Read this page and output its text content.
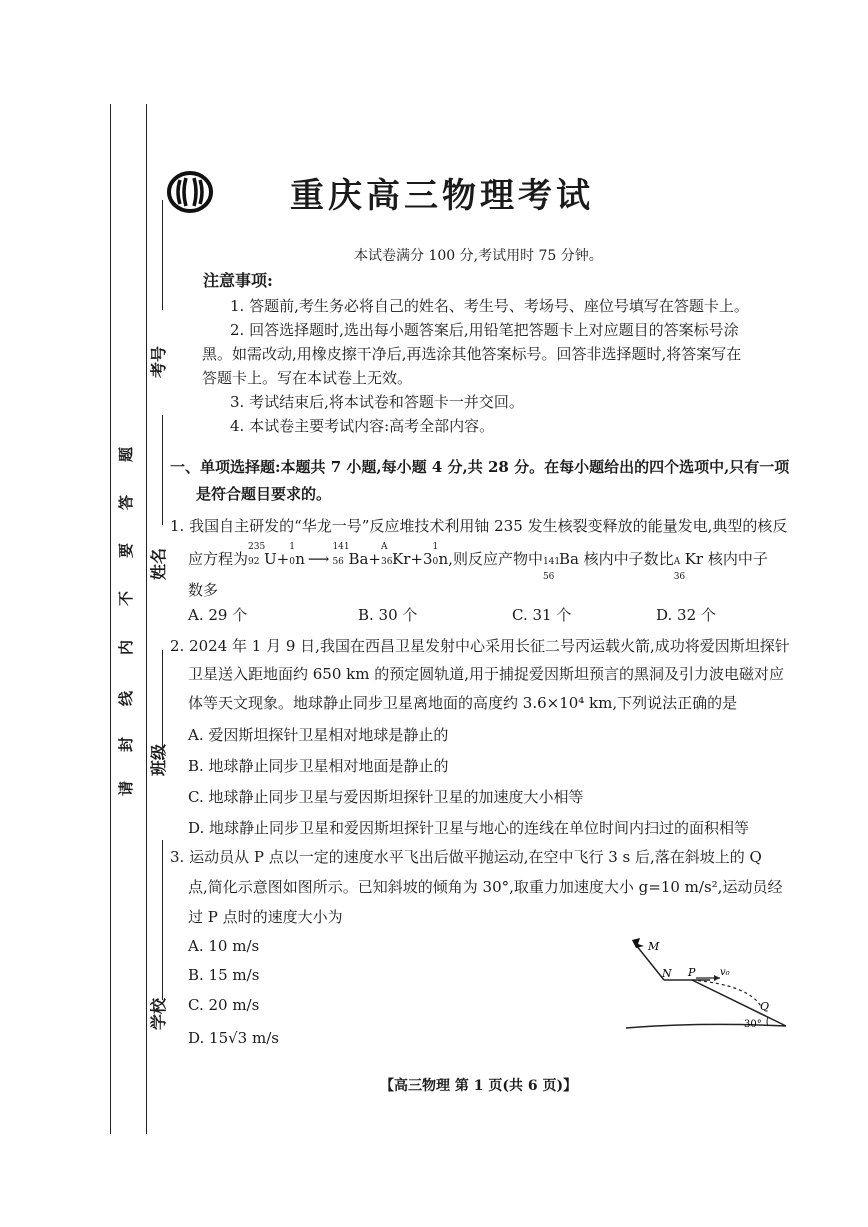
考号
姓名
班级
学校
请
封
线
内
不
要
答
题
重庆高三物理考试
本试卷满分 100 分,考试用时 75 分钟。
注意事项:
1. 答题前,考生务必将自己的姓名、考生号、考场号、座位号填写在答题卡上。
2. 回答选择题时,选出每小题答案后,用铅笔把答题卡上对应题目的答案标号涂
黑。如需改动,用橡皮擦干净后,再选涂其他答案标号。回答非选择题时,将答案写在
答题卡上。写在本试卷上无效。
3. 考试结束后,将本试卷和答题卡一并交回。
4. 本试卷主要考试内容:高考全部内容。
一、单项选择题:本题共 7 小题,每小题 4 分,共 28 分。在每小题给出的四个选项中,只有一项
是符合题目要求的。
1. 我国自主研发的“华龙一号”反应堆技术利用铀 235 发生核裂变释放的能量发电,典型的核反
应方程为
235
92 U+
1
0 n ⟶
141
56 Ba+
A
36 Kr+3
1
0 n,则反应产物中 141
56
Ba 核内中子数比 A
36
Kr 核内中子
数多
A. 29 个	B. 30 个	C. 31 个	D. 32 个
2. 2024 年 1 月 9 日,我国在西昌卫星发射中心采用长征二号丙运载火箭,成功将爱因斯坦探针
卫星送入距地面约 650 km 的预定圆轨道,用于捕捉爱因斯坦预言的黑洞及引力波电磁对应
体等天文现象。地球静止同步卫星离地面的高度约 3.6×10⁴ km,下列说法正确的是
A. 爱因斯坦探针卫星相对地球是静止的
B. 地球静止同步卫星相对地面是静止的
C. 地球静止同步卫星与爱因斯坦探针卫星的加速度大小相等
D. 地球静止同步卫星和爱因斯坦探针卫星与地心的连线在单位时间内扫过的面积相等
3. 运动员从 P 点以一定的速度水平飞出后做平抛运动,在空中飞行 3 s 后,落在斜坡上的 Q
点,简化示意图如图所示。已知斜坡的倾角为 30°,取重力加速度大小 g=10 m/s²,运动员经
过 P 点时的速度大小为
A. 10 m/s
B. 15 m/s
C. 20 m/s
D. 15√3 m/s
M
N P v₀
Q
30°
【高三物理 第 1 页(共 6 页)】
